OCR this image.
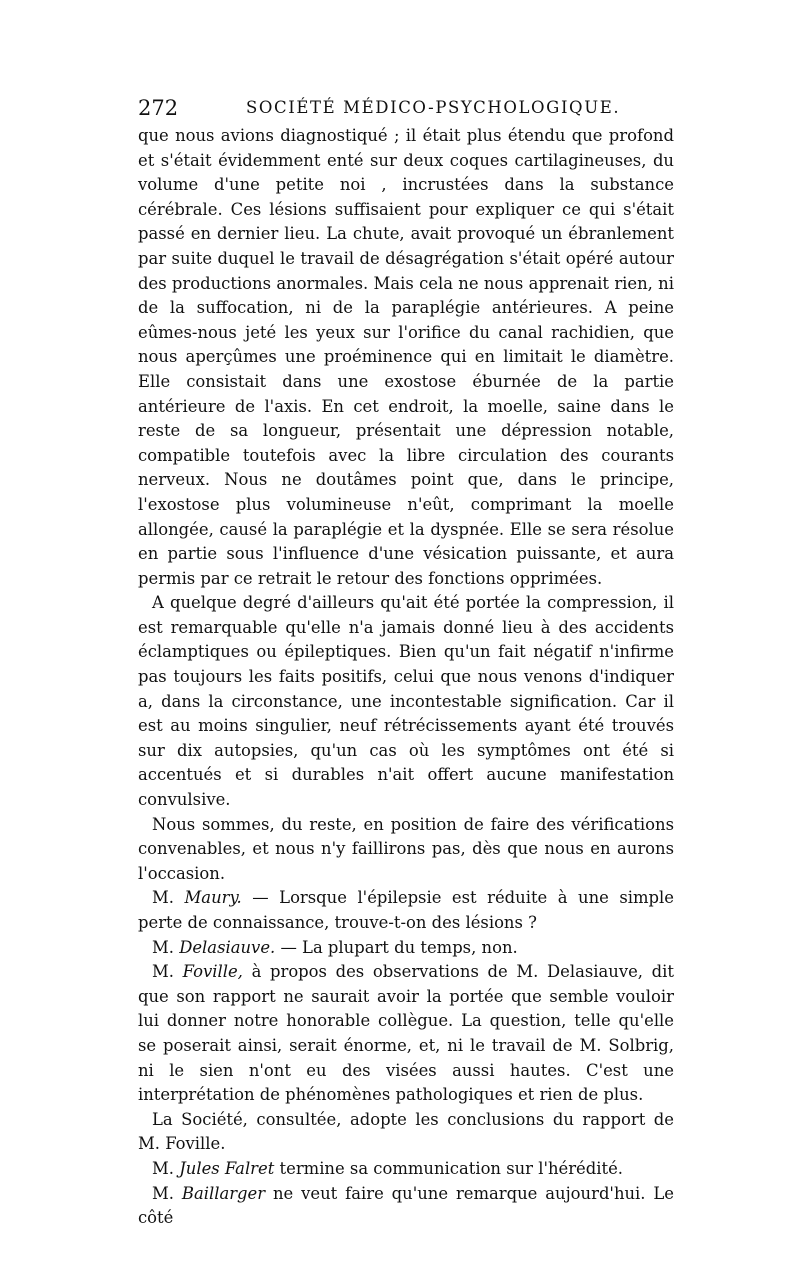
272	SOCIÉTÉ MÉDICO-PSYCHOLOGIQUE.

que nous avions diagnostiqué ; il était plus étendu que profond et s'était évidemment enté sur deux coques cartilagineuses, du volume d'une petite noi , incrustées dans la substance cérébrale. Ces lésions suffisaient pour expliquer ce qui s'était passé en dernier lieu. La chute, avait provoqué un ébranlement par suite duquel le travail de désagrégation s'était opéré autour des productions anormales. Mais cela ne nous apprenait rien, ni de la suffocation, ni de la paraplégie antérieures. A peine eûmes-nous jeté les yeux sur l'orifice du canal rachidien, que nous aperçûmes une proéminence qui en limitait le diamètre. Elle consistait dans une exostose éburnée de la partie antérieure de l'axis. En cet endroit, la moelle, saine dans le reste de sa longueur, présentait une dépression notable, compatible toutefois avec la libre circulation des courants nerveux. Nous ne doutâmes point que, dans le principe, l'exostose plus volumineuse n'eût, comprimant la moelle allongée, causé la paraplégie et la dyspnée. Elle se sera résolue en partie sous l'influence d'une vésication puissante, et aura permis par ce retrait le retour des fonctions opprimées.

A quelque degré d'ailleurs qu'ait été portée la compression, il est remarquable qu'elle n'a jamais donné lieu à des accidents éclamptiques ou épileptiques. Bien qu'un fait négatif n'infirme pas toujours les faits positifs, celui que nous venons d'indiquer a, dans la circonstance, une incontestable signification. Car il est au moins singulier, neuf rétrécissements ayant été trouvés sur dix autopsies, qu'un cas où les symptômes ont été si accentués et si durables n'ait offert aucune manifestation convulsive.

Nous sommes, du reste, en position de faire des vérifications convenables, et nous n'y faillirons pas, dès que nous en aurons l'occasion.

M. Maury. — Lorsque l'épilepsie est réduite à une simple perte de connaissance, trouve-t-on des lésions ?

M. Delasiauve. — La plupart du temps, non.

M. Foville, à propos des observations de M. Delasiauve, dit que son rapport ne saurait avoir la portée que semble vouloir lui donner notre honorable collègue. La question, telle qu'elle se poserait ainsi, serait énorme, et, ni le travail de M. Solbrig, ni le sien n'ont eu des visées aussi hautes. C'est une interprétation de phénomènes pathologiques et rien de plus.

La Société, consultée, adopte les conclusions du rapport de M. Foville.

M. Jules Falret termine sa communication sur l'hérédité.

M. Baillarger ne veut faire qu'une remarque aujourd'hui. Le côté
